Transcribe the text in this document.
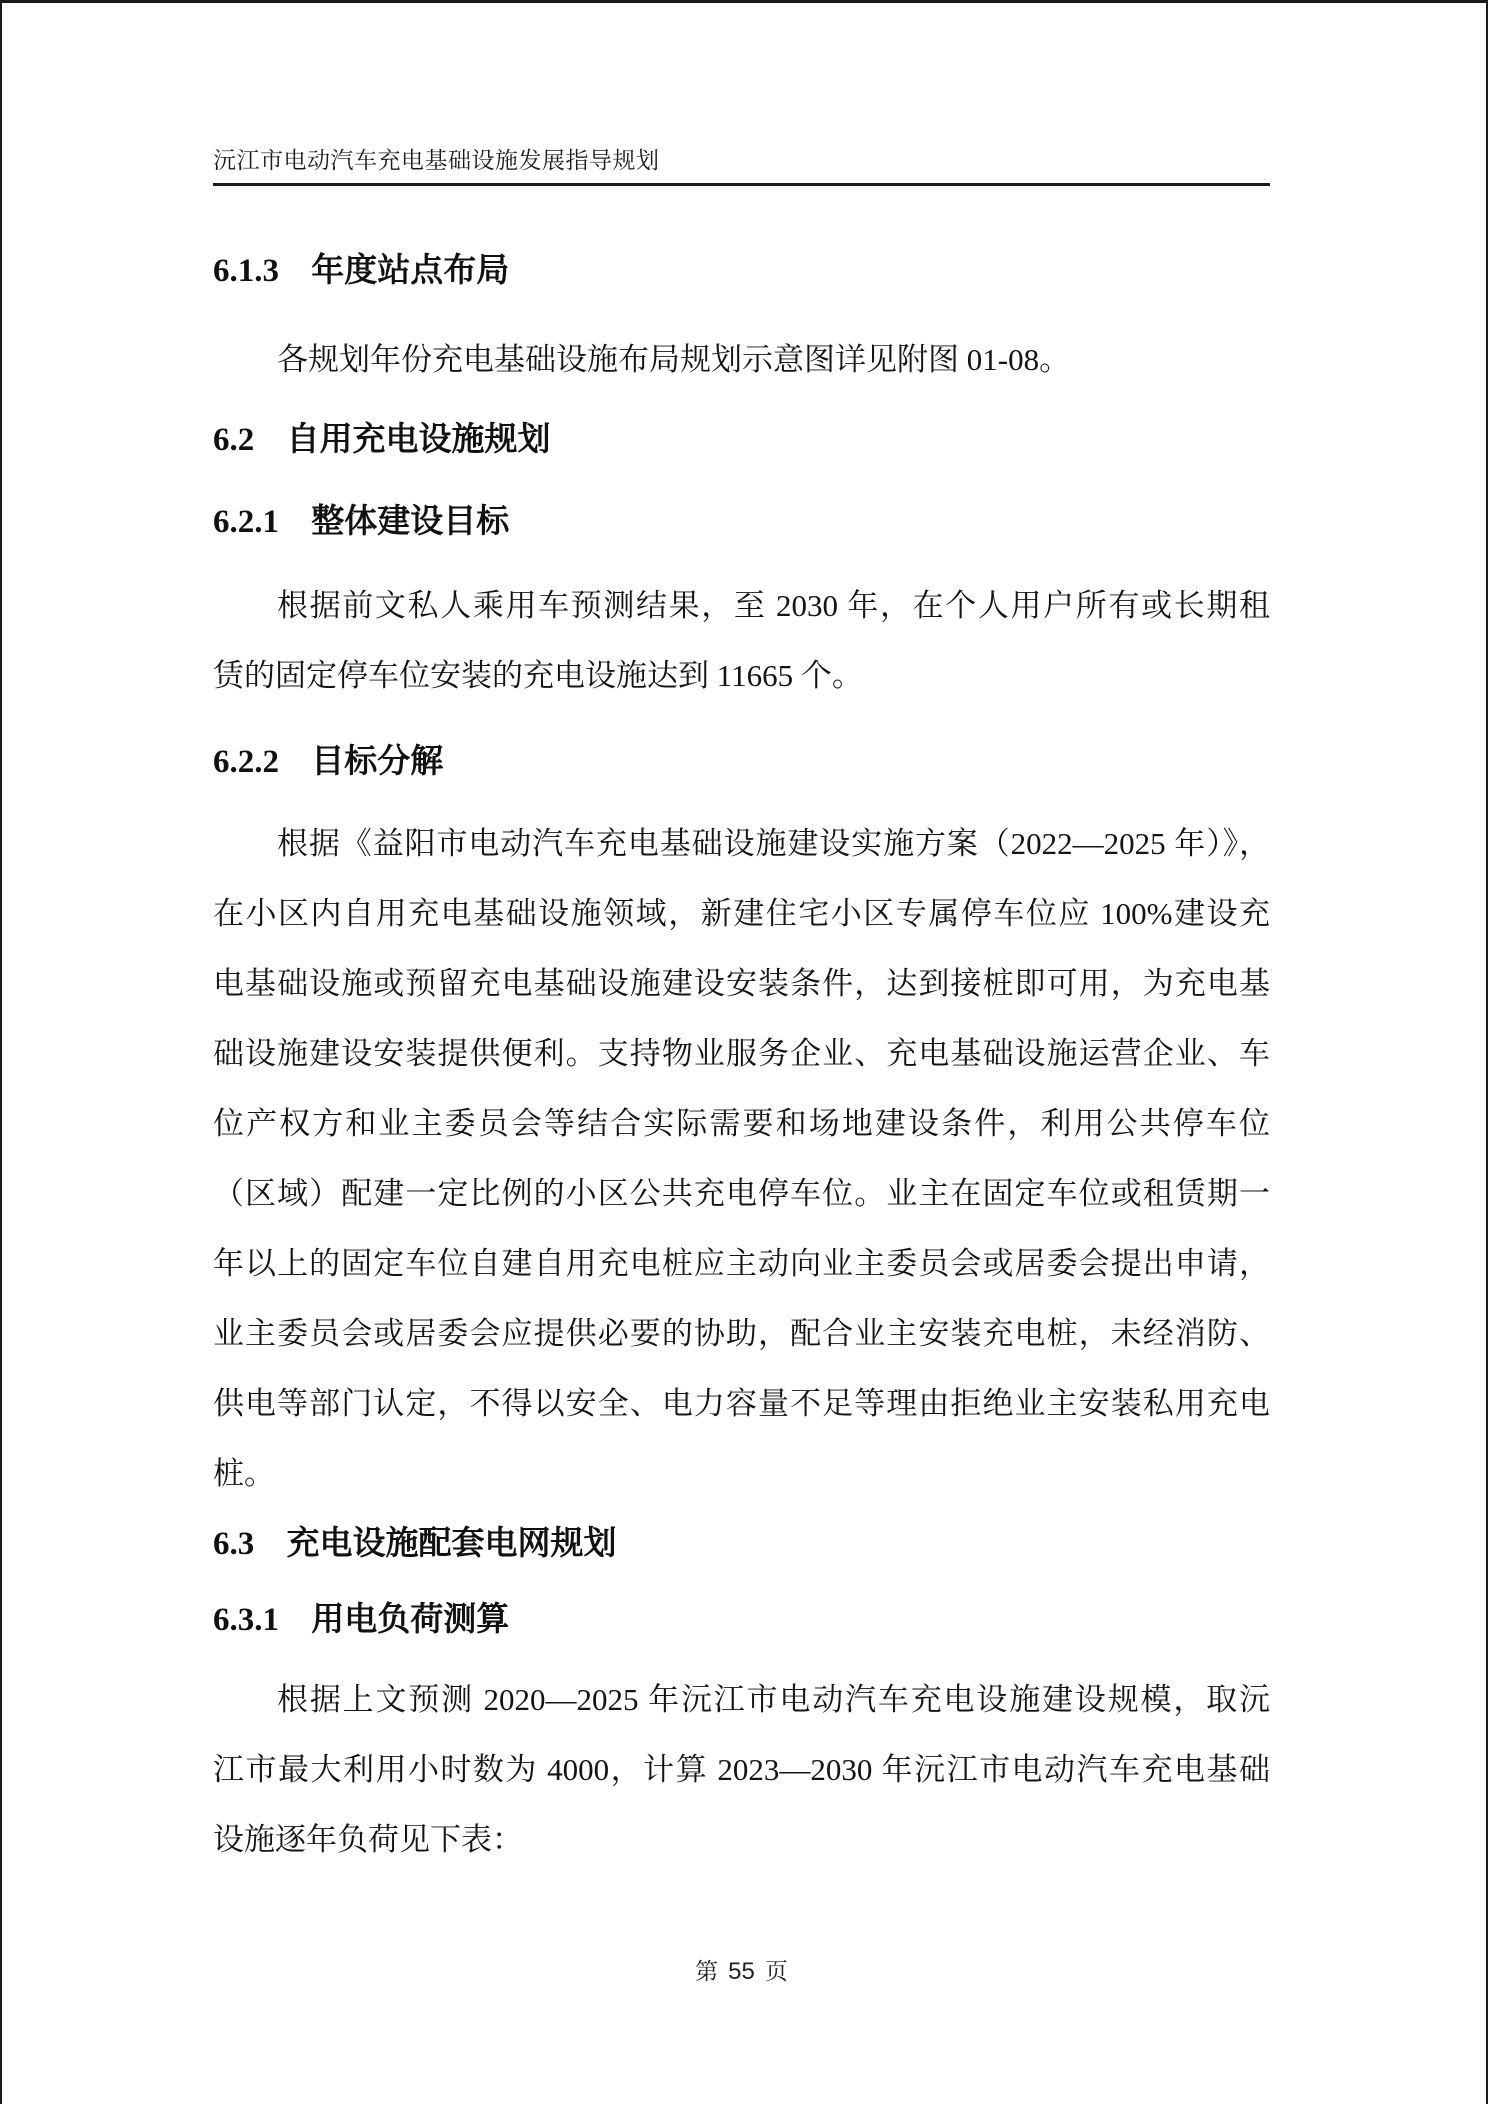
沅江市电动汽车充电基础设施发展指导规划
6.1.3 年度站点布局
各规划年份充电基础设施布局规划示意图详见附图 01-08。
6.2 自用充电设施规划
6.2.1 整体建设目标
根据前文私人乘用车预测结果，至 2030 年，在个人用户所有或长期租
赁的固定停车位安装的充电设施达到 11665 个。
6.2.2 目标分解
根据《益阳市电动汽车充电基础设施建设实施方案（2022—2025 年）》，
在小区内自用充电基础设施领域，新建住宅小区专属停车位应 100%建设充
电基础设施或预留充电基础设施建设安装条件，达到接桩即可用，为充电基
础设施建设安装提供便利。支持物业服务企业、充电基础设施运营企业、车
位产权方和业主委员会等结合实际需要和场地建设条件，利用公共停车位
（区域）配建一定比例的小区公共充电停车位。业主在固定车位或租赁期一
年以上的固定车位自建自用充电桩应主动向业主委员会或居委会提出申请，
业主委员会或居委会应提供必要的协助，配合业主安装充电桩，未经消防、
供电等部门认定，不得以安全、电力容量不足等理由拒绝业主安装私用充电
桩。
6.3 充电设施配套电网规划
6.3.1 用电负荷测算
根据上文预测 2020—2025 年沅江市电动汽车充电设施建设规模，取沅
江市最大利用小时数为 4000，计算 2023—2030 年沅江市电动汽车充电基础
设施逐年负荷见下表：
第 55 页
